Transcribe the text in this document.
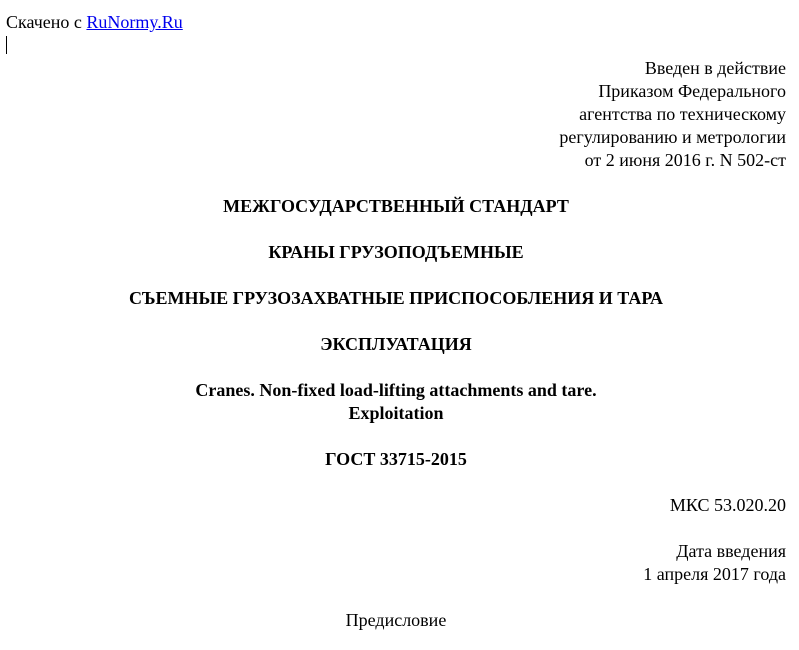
Скачено с RuNormy.Ru
Введен в действие
Приказом Федерального
агентства по техническому
регулированию и метрологии
от 2 июня 2016 г. N 502-ст
МЕЖГОСУДАРСТВЕННЫЙ СТАНДАРТ
КРАНЫ ГРУЗОПОДЪЕМНЫЕ
СЪЕМНЫЕ ГРУЗОЗАХВАТНЫЕ ПРИСПОСОБЛЕНИЯ И ТАРА
ЭКСПЛУАТАЦИЯ
Cranes. Non-fixed load-lifting attachments and tare.
Exploitation
ГОСТ 33715-2015
МКС 53.020.20
Дата введения
1 апреля 2017 года
Предисловие
